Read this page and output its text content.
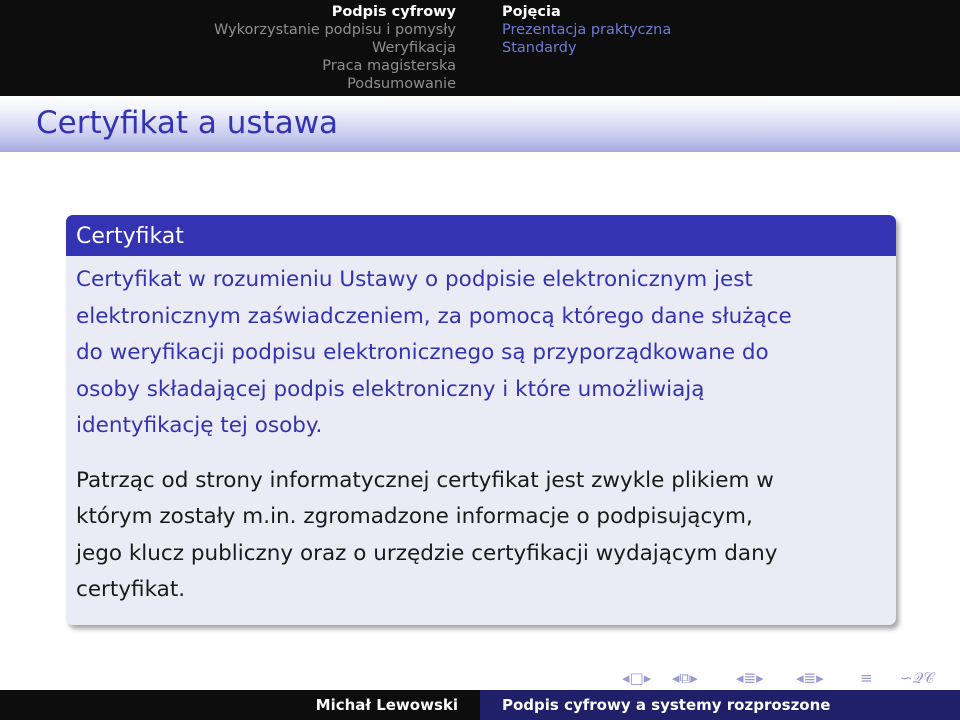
Podpis cyfrowy
Wykorzystanie podpisu i pomysły
Weryfikacja
Praca magisterska
Podsumowanie
Pojęcia
Prezentacja praktyczna
Standardy
Certyfikat a ustawa
Certyfikat

Certyfikat w rozumieniu Ustawy o podpisie elektronicznym jest

elektronicznym zaświadczeniem, za pomocą którego dane służące

do weryfikacji podpisu elektronicznego są przyporządkowane do

osoby składającej podpis elektroniczny i które umożliwiają

identyfikację tej osoby.

Patrząc od strony informatycznej certyfikat jest zwykle plikiem w

którym zostały m.in. zgromadzone informacje o podpisującym,

jego klucz publiczny oraz o urzędzie certyfikacji wydającym dany

certyfikat.

◂□▸ ◂⧉▸	◂≣▸ ◂≣▸ ≡ ∽𝒬𝒞
Michał Lewowski	Podpis cyfrowy a systemy rozproszone
